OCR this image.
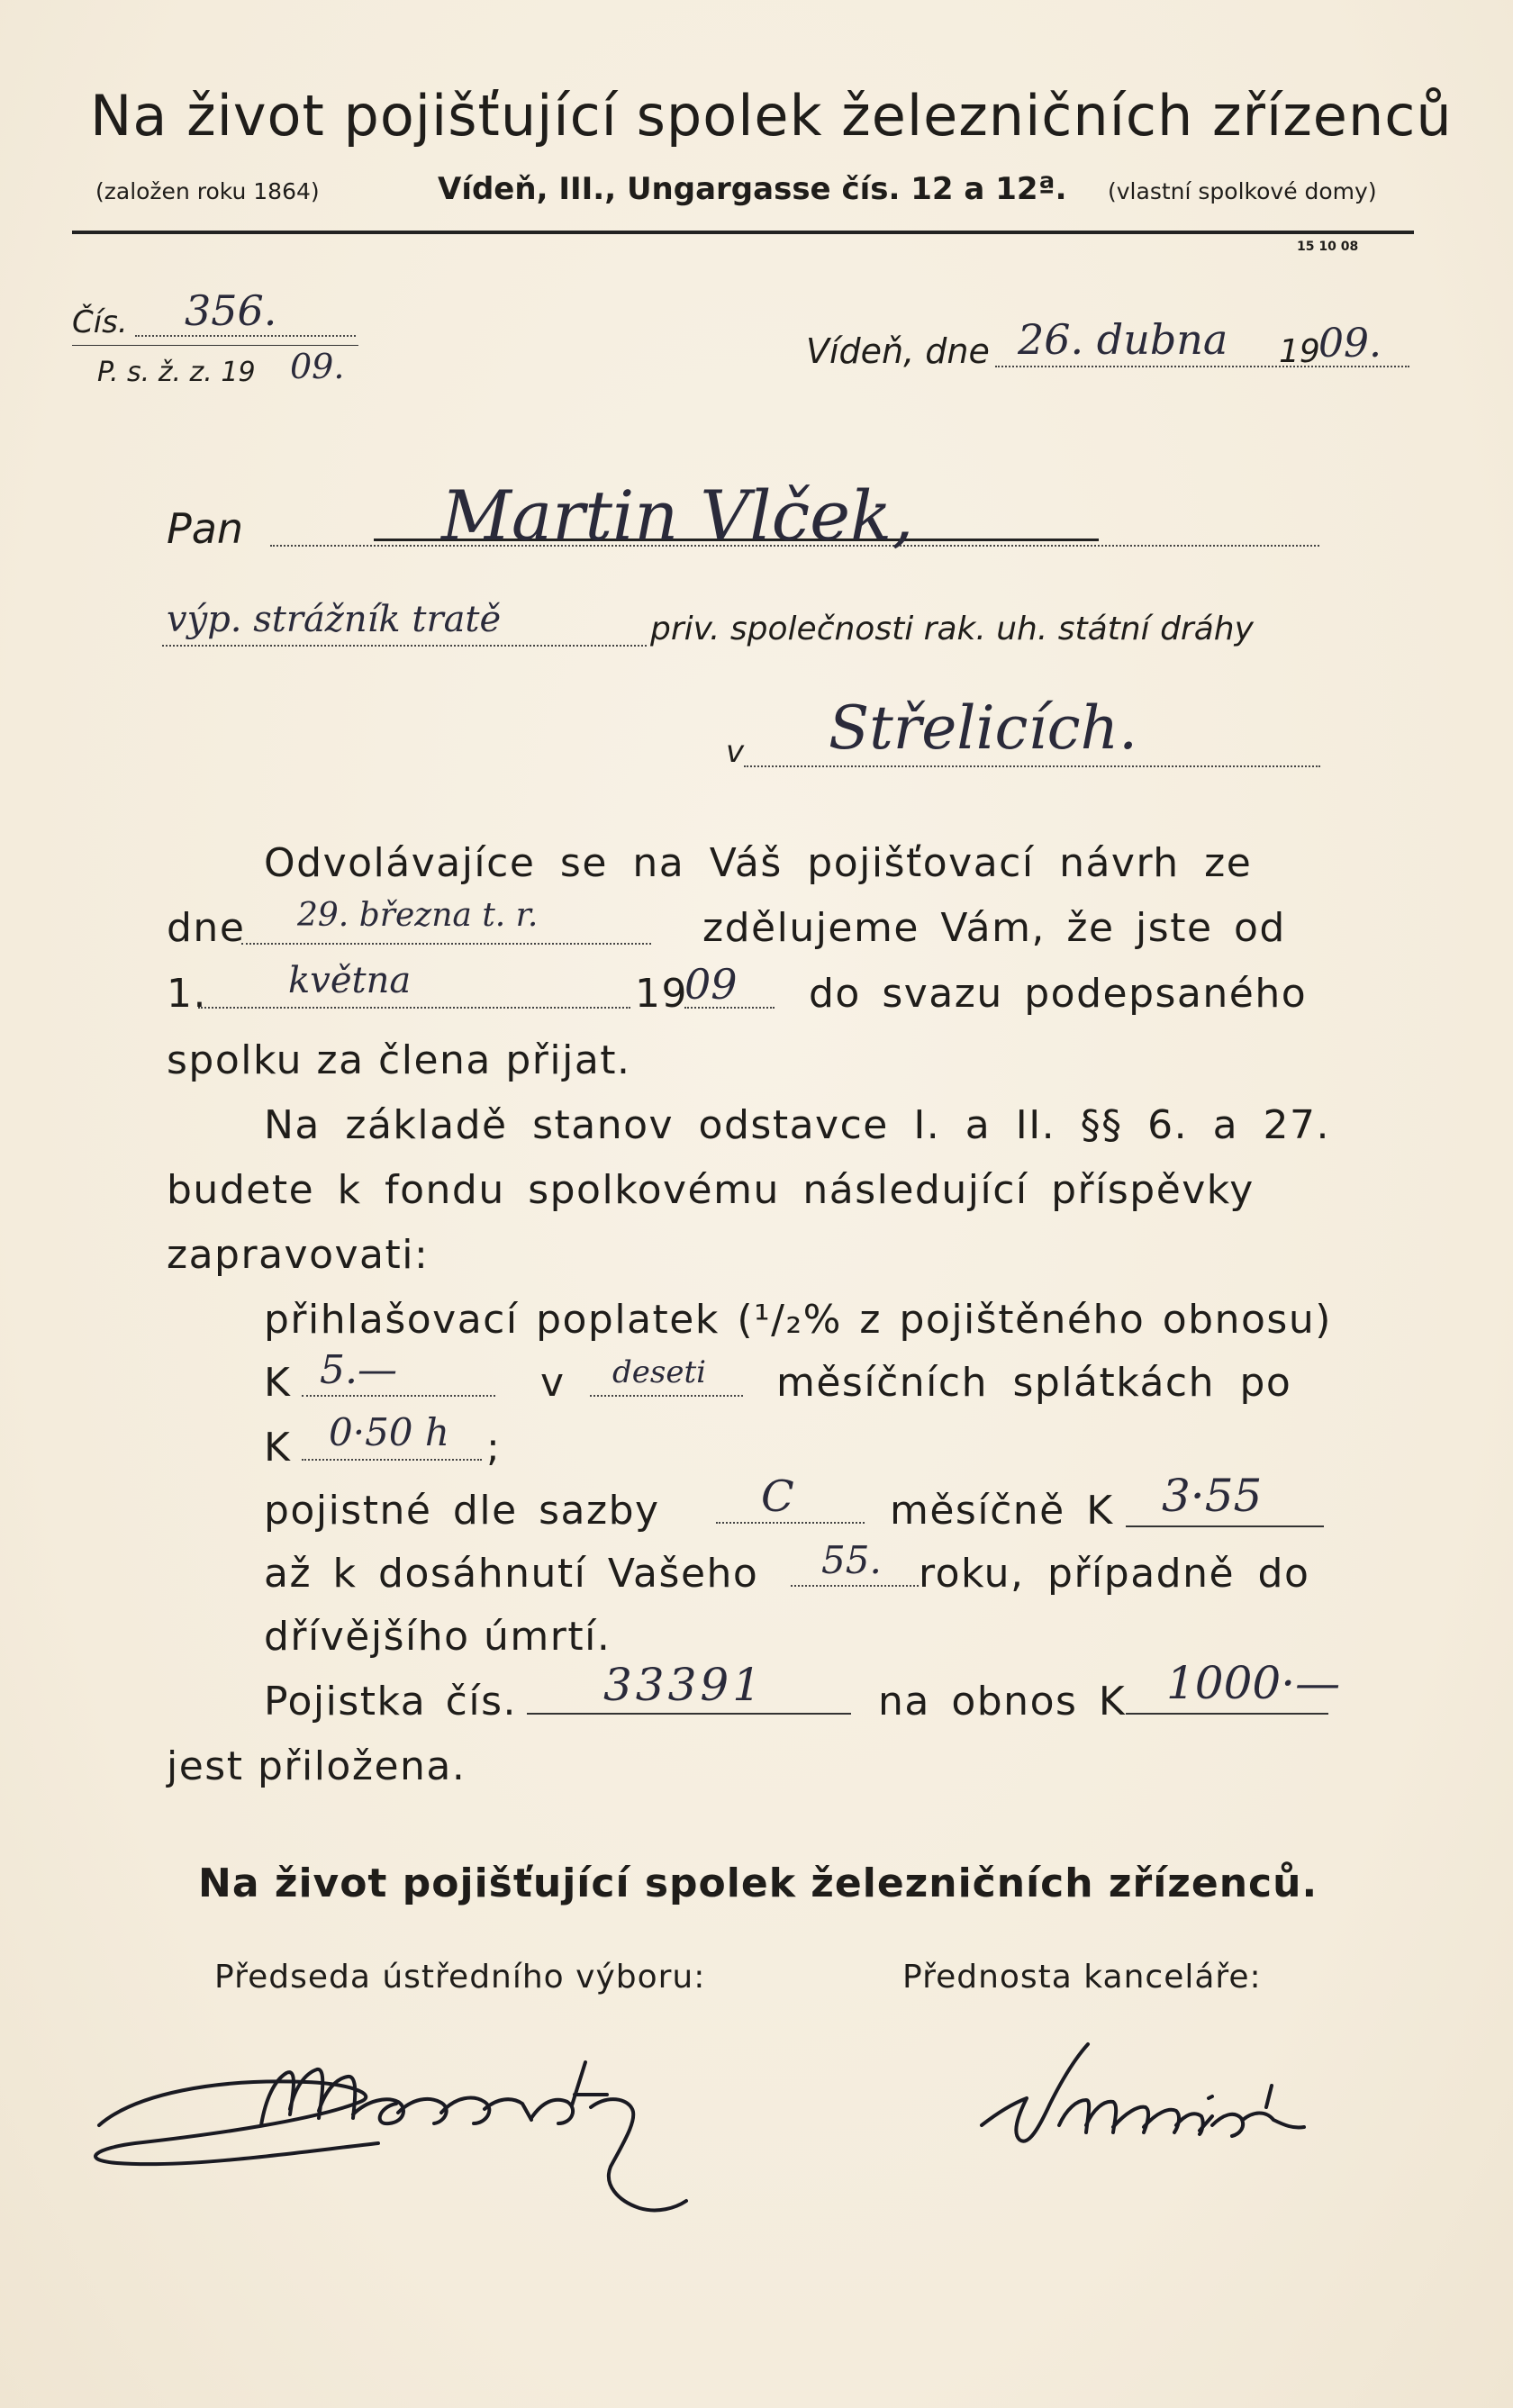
Na život pojišťující spolek železničních zřízenců
(založen roku 1864)	Vídeň, III., Ungargasse čís. 12 a 12ª. (vlastní spolkové domy)
15 10 08
Čís. 356.
P. s. ž. z. 19 09.	Vídeň, dne 26. dubna 19
09.
Pan	Martin Vlček,
výp. strážník tratě	priv. společnosti rak. uh. státní dráhy
v Střelicích.
Odvolávajíce se na Váš pojišťovací návrh ze
dne 29. března t. r.	zdělujeme Vám, že jste od
1. května	19
09 do svazu podepsaného
spolku za člena přijat.
Na základě stanov odstavce I. a II. §§ 6. a 27.
budete k fondu spolkovému následující příspěvky
zapravovati:
přihlašovací poplatek (¹/₂% z pojištěného obnosu)
K 5.—	v deseti měsíčních splátkách po
K 0·50 h ;
pojistné dle sazby C měsíčně K 3·55
až k dosáhnutí Vašeho 55. roku, případně do
dřívějšího úmrtí.
Pojistka čís. 33391	na obnos K 1000·—
jest přiložena.
Na život pojišťující spolek železničních zřízenců.
Předseda ústředního výboru:	Přednosta kanceláře:
